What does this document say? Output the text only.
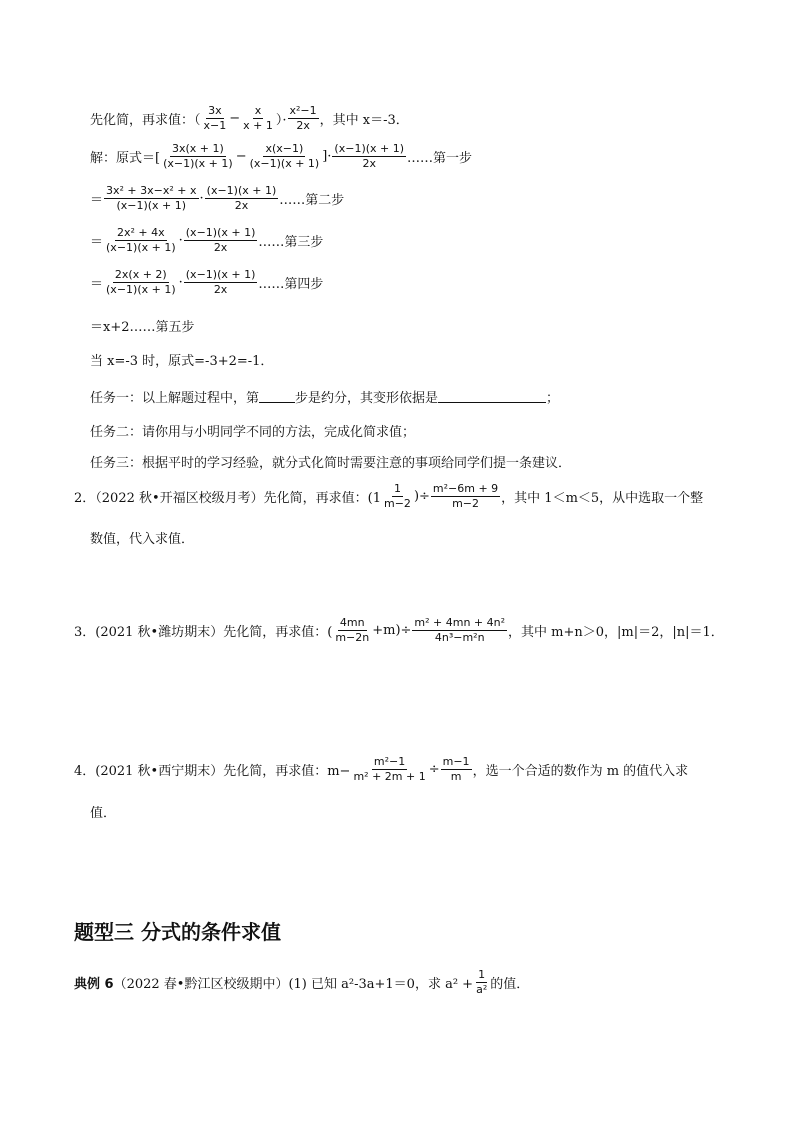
先化简，再求值：（ $\frac{3x}{x-1} - \frac{x}{x + 1}$ ）· $\frac{\text{x²−1}}{2x}$ ，其中 x＝-3．
解：原式＝[ $\frac{3x(x + 1)}{(x-1)(x + 1)} - \frac{x(x-1)}{(x-1)(x + 1)}$ ]· $\frac{(x-1)(x + 1)}{2x}$ ……第一步
＝ $\frac{\text{3x² + 3x−x² + x}}{(x-1)(x + 1)} \cdot \frac{(x-1)(x + 1)}{2x}$ ……第二步
＝ $\frac{\text{2x² + 4x}}{(x-1)(x + 1)} \cdot \frac{(x-1)(x + 1)}{2x}$ ……第三步
＝ $\frac{2x(x + 2)}{(x-1)(x + 1)} \cdot \frac{(x-1)(x + 1)}{2x}$ ……第四步
＝x+2……第五步
当 x=-3 时，原式=-3+2=-1．
任务一：以上解题过程中，第	步是约分，其变形依据是	；
任务二：请你用与小明同学不同的方法，完成化简求值；
任务三：根据平时的学习经验，就分式化简时需要注意的事项给同学们提一条建议．
2．（2022 秋•开福区校级月考）先化简，再求值：($1 \frac{1}{m-2}$ )÷ $\frac{\text{m²−6m + 9}}{m-2}$ ，其中 1＜m＜5，从中选取一个整
数值，代入求值．
3．(2021 秋•潍坊期末）先化简，再求值：( $\frac{4mn}{m-2n} +m)\div \frac{\text{m² + 4mn + 4n²}}{\text{4n³−m²n}}$ ，其中 m+n＞0，|m|＝2，|n|＝1．
4．(2021 秋•西宁期末）先化简，再求值：$m- \frac{\text{m²−1}}{\text{m² + 2m + 1}} \div \frac{m-1}{m}$ ，选一个合适的数作为 m 的值代入求
值．
题型三 分式的条件求值
典例 6 （2022 春•黔江区校级期中）(1) 已知 a²-3a+1＝0，求 $a^2 + \frac{1}{\text{a²}}$ 的值．
